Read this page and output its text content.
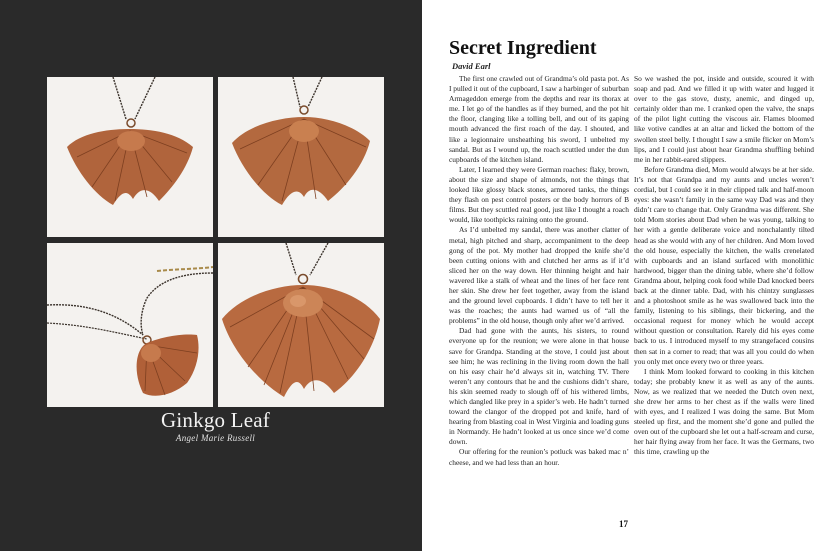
Ginkgo Leaf
Angel Marie Russell
Secret Ingredient
David Earl

The first one crawled out of Grandma’s old pasta pot. As I pulled it out of the cupboard, I saw a harbinger of suburban Armageddon emerge from the depths and rear its thorax at me. I let go of the handles as if they burned, and the pot hit the floor, clanging like a tolling bell, and out of its gaping mouth advanced the first roach of the day. I shouted, and like a legionnaire unsheathing his sword, I unbelted my sandal. But as I wound up, the roach scuttled under the dun cupboards of the kitchen island.

Later, I learned they were German roaches: flaky, brown, about the size and shape of almonds, not the things that looked like glossy black stones, armored tanks, the things they flash on pest control posters or the body horrors of B films. But they scuttled real good, just like I thought a roach would, like toothpicks raining onto the ground.

As I’d unbelted my sandal, there was another clatter of metal, high pitched and sharp, accompaniment to the deep gong of the pot. My mother had dropped the knife she’d been cutting onions with and clutched her arms as if it’d sliced her on the way down. Her thinning height and hair wavered like a stalk of wheat and the lines of her face rent her skin. She drew her feet together, away from the island and the ground level cupboards. I didn’t have to tell her it was the roaches; the aunts had warned us of “all the problems” in the old house, though only after we’d arrived.

Dad had gone with the aunts, his sisters, to round everyone up for the reunion; we were alone in that house save for Grandpa. Standing at the stove, I could just about see him; he was reclining in the living room down the hall on his easy chair he’d always sit in, watching TV. There weren’t any contours that he and the cushions didn’t share, his skin seemed ready to slough off of his withered limbs, which dangled like prey in a spider’s web. He hadn’t turned toward the clangor of the dropped pot and knife, hard of hearing from blasting coal in West Virginia and loading guns in Normandy. He hadn’t looked at us once since we’d come down.

Our offering for the reunion’s potluck was baked mac n’ cheese, and we had less than an hour.

So we washed the pot, inside and outside, scoured it with soap and pad. And we filled it up with water and lugged it over to the gas stove, dusty, anemic, and dinged up, certainly older than me. I cranked open the valve, the snaps of the pilot light cutting the viscous air. Flames bloomed like votive candles at an altar and licked the bottom of the swollen steel belly. I thought I saw a smile flicker on Mom’s lips, and I could just about hear Grandma shuffling behind me in her rabbit-eared slippers.

Before Grandma died, Mom would always be at her side. It’s not that Grandpa and my aunts and uncles weren’t cordial, but I could see it in their clipped talk and half-moon eyes: she wasn’t family in the same way Dad was and they didn’t care to change that. Only Grandma was different. She told Mom stories about Dad when he was young, talking to her with a gentle deliberate voice and nonchalantly tilted head as she would with any of her children. And Mom loved the old house, especially the kitchen, the walls crenelated with cupboards and an island surfaced with monolithic hardwood, bigger than the dining table, where she’d follow Grandma about, helping cook food while Dad knocked beers back at the dinner table. Dad, with his chintzy sunglasses and a photoshoot smile as he was swallowed back into the family, listening to his siblings, their bickering, and the occasional request for money which he would accept without question or consultation. Rarely did his eyes come back to us. I introduced myself to my strangefaced cousins then sat in a corner to read; that was all you could do when you only met once every two or three years.

I think Mom looked forward to cooking in this kitchen today; she probably knew it as well as any of the aunts. Now, as we realized that we needed the Dutch oven next, she drew her arms to her chest as if the walls were lined with eyes, and I realized I was doing the same. But Mom steeled up first, and the moment she’d gone and pulled the oven out of the cupboard she let out a half-scream and curse, her hair flying away from her face. It was the Germans, two this time, crawling up the

17
